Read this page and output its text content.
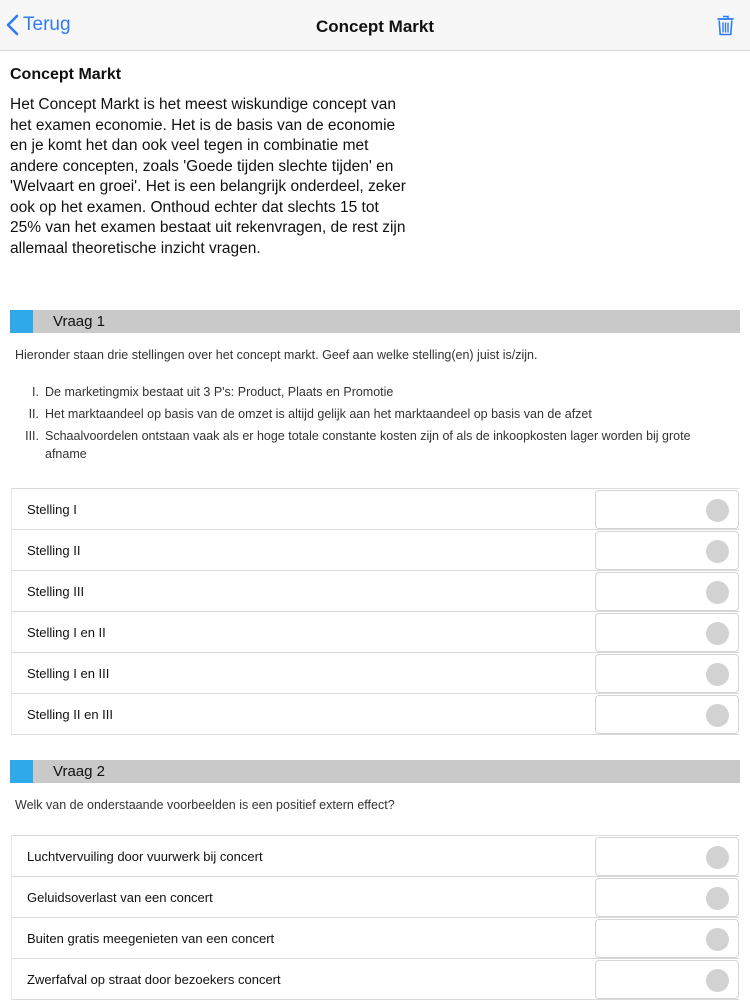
Terug	Concept Markt
Concept Markt
Het Concept Markt is het meest wiskundige concept van het examen economie. Het is de basis van de economie en je komt het dan ook veel tegen in combinatie met andere concepten, zoals 'Goede tijden slechte tijden' en 'Welvaart en groei'. Het is een belangrijk onderdeel, zeker ook op het examen. Onthoud echter dat slechts 15 tot 25% van het examen bestaat uit rekenvragen, de rest zijn allemaal theoretische inzicht vragen.
Vraag 1
Hieronder staan drie stellingen over het concept markt. Geef aan welke stelling(en) juist is/zijn.
I. De marketingmix bestaat uit 3 P's: Product, Plaats en Promotie
II. Het marktaandeel op basis van de omzet is altijd gelijk aan het marktaandeel op basis van de afzet
III. Schaalvoordelen ontstaan vaak als er hoge totale constante kosten zijn of als de inkoopkosten lager worden bij grote afname
Stelling I
Stelling II
Stelling III
Stelling I en II
Stelling I en III
Stelling II en III
Vraag 2
Welk van de onderstaande voorbeelden is een positief extern effect?
Luchtvervuiling door vuurwerk bij concert
Geluidsoverlast van een concert
Buiten gratis meegenieten van een concert
Zwerfafval op straat door bezoekers concert
